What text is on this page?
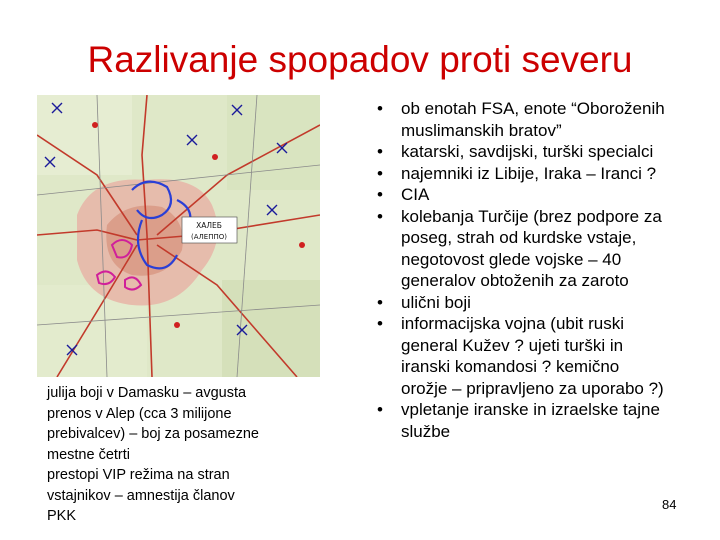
Razlivanje spopadov proti severu
ХАЛЕБ
(АЛЕППО)
julija boji v Damasku – avgusta
prenos v Alep (cca 3 milijone
prebivalcev) – boj za posamezne
mestne četrti
prestopi VIP režima na stran
vstajnikov – amnestija članov
PKK
• ob enotah FSA, enote “Oboroženih
muslimanskih bratov”
• katarski, savdijski, turški specialci
• najemniki iz Libije, Iraka – Iranci ?
• CIA
• kolebanja Turčije (brez podpore za
poseg, strah od kurdske vstaje,
negotovost glede vojske – 40
generalov obtoženih za zaroto
• ulični boji
• informacijska vojna (ubit ruski
general Kužev ? ujeti turški in
iranski komandosi ? kemično
orožje – pripravljeno za uporabo ?)
• vpletanje iranske in izraelske tajne
službe
84
